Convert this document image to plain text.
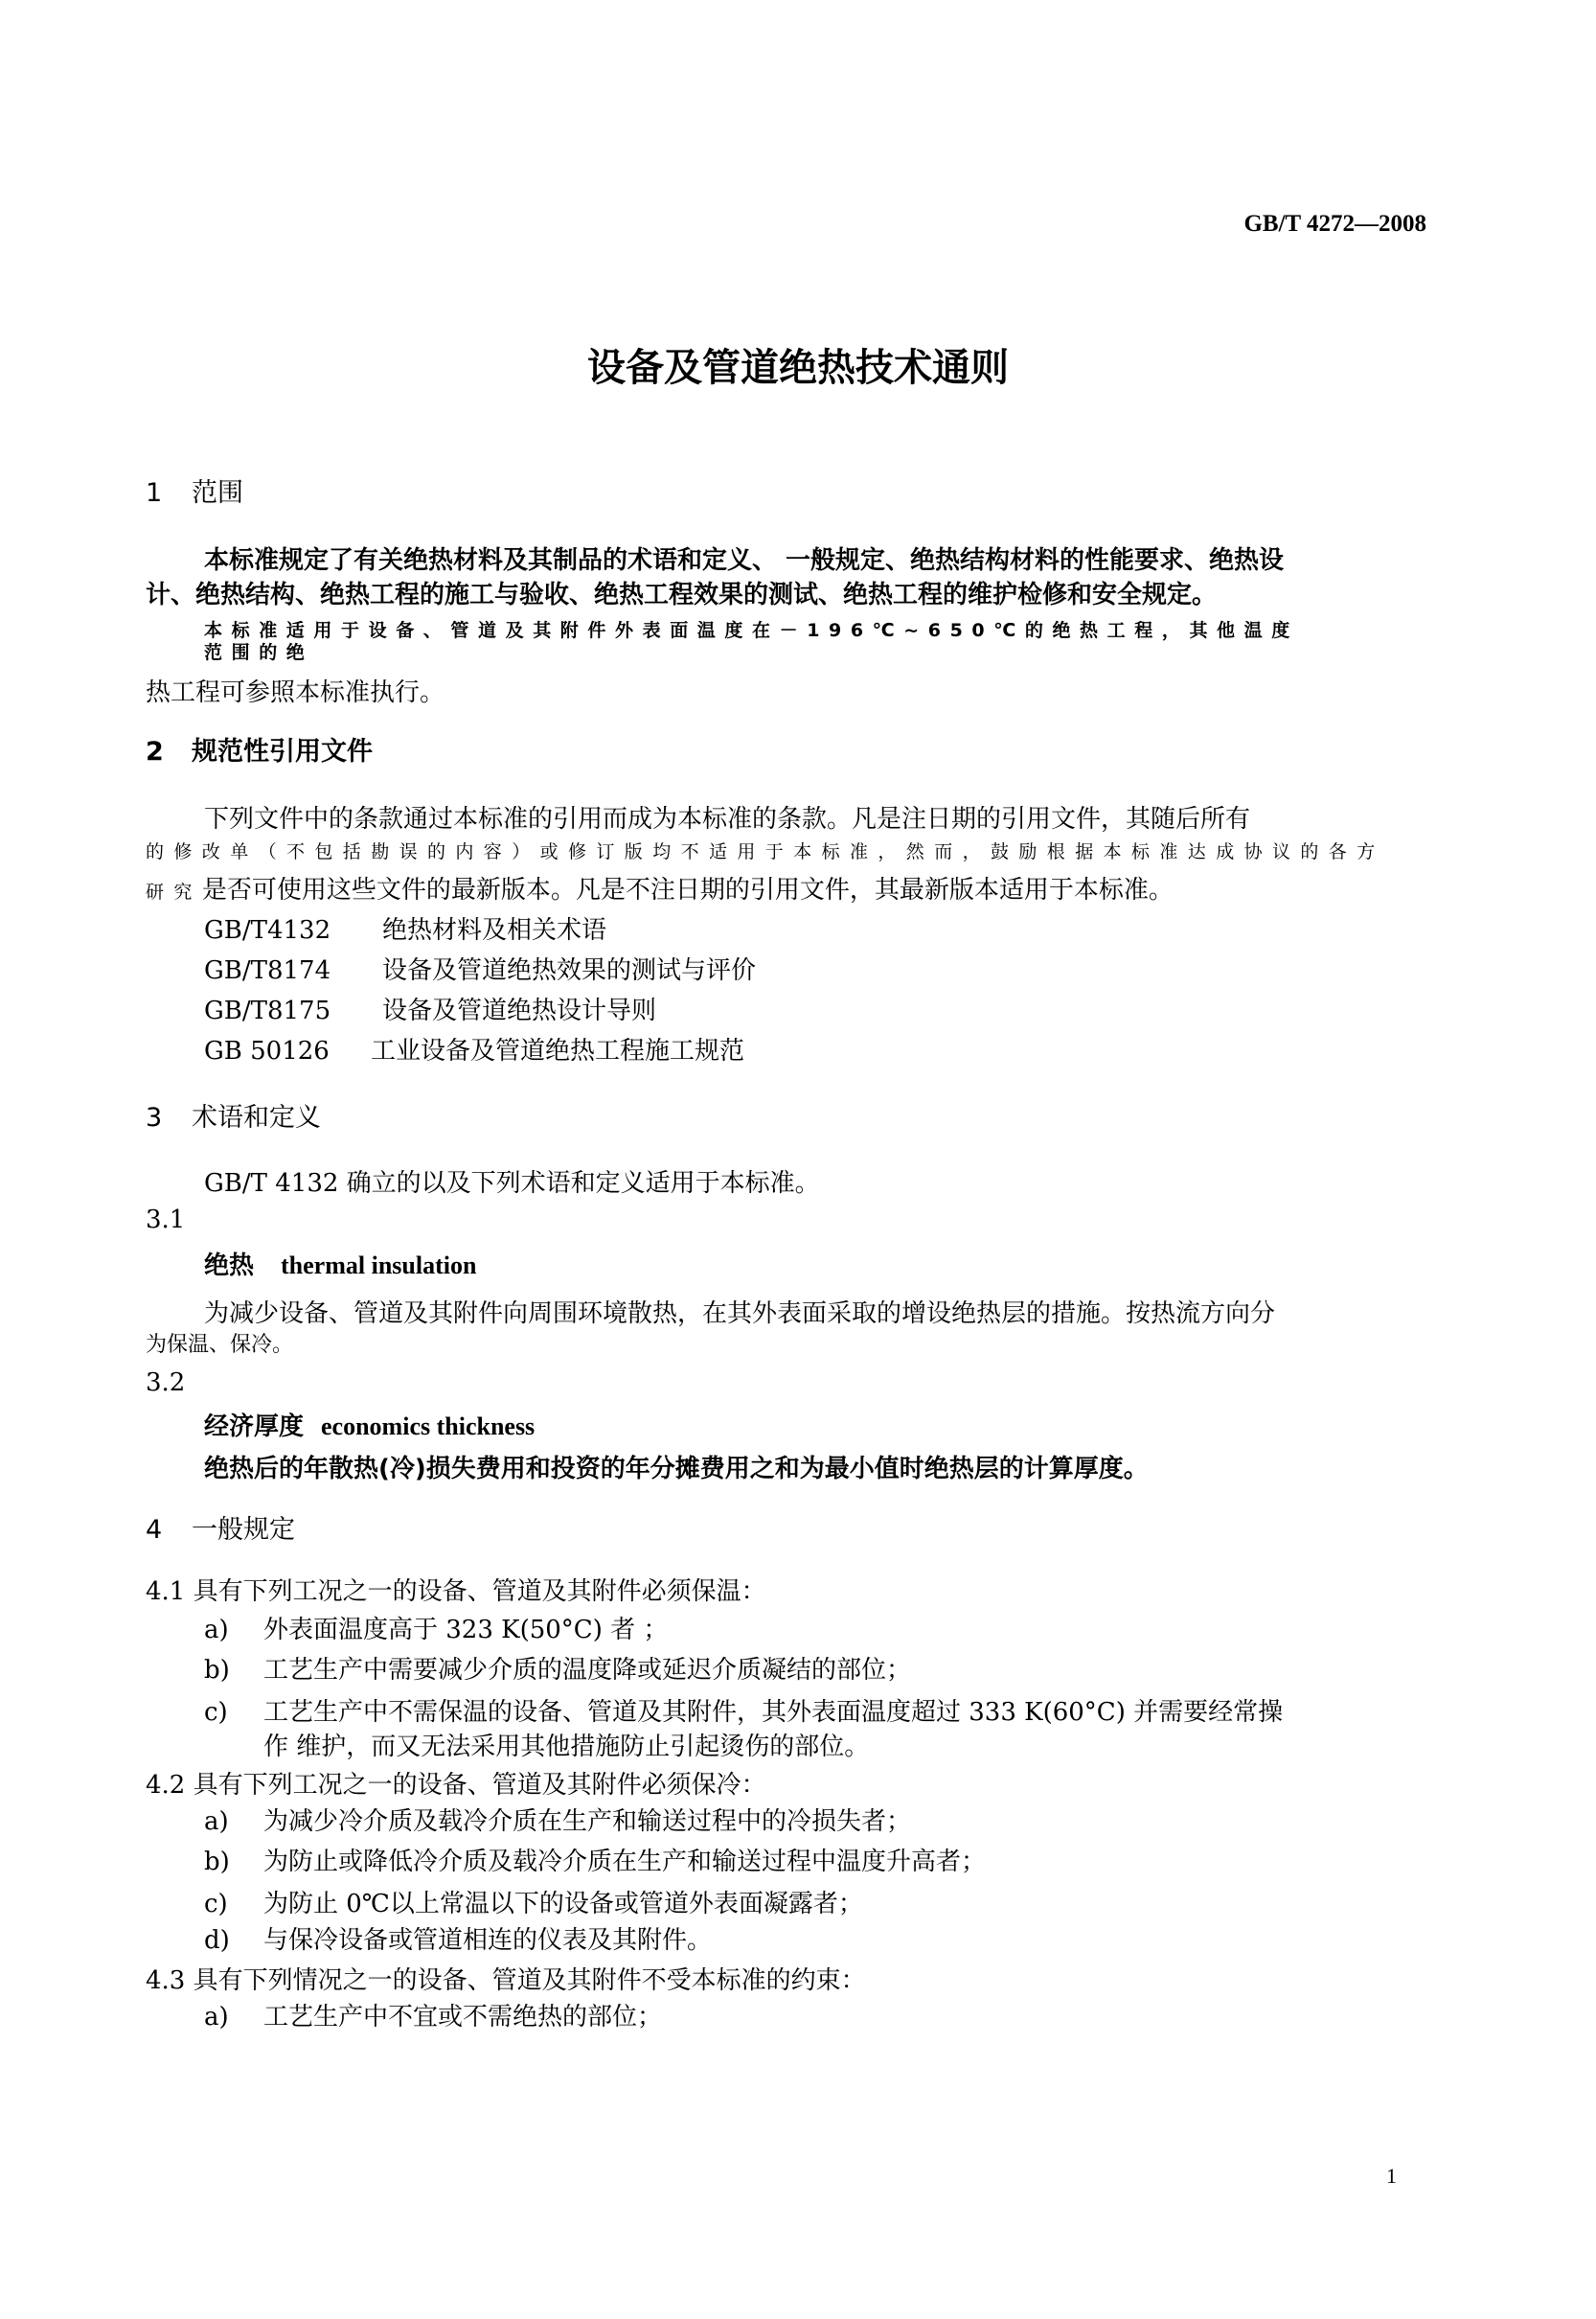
GB/T 4272—2008
设备及管道绝热技术通则
1 范围
本标准规定了有关绝热材料及其制品的术语和定义、 一般规定、绝热结构材料的性能要求、绝热设
计、绝热结构、绝热工程的施工与验收、绝热工程效果的测试、绝热工程的维护检修和安全规定。
本标准适用于设备、管道及其附件外表面温度在－196℃~650℃的绝热工程，其他温度
范围的绝
热工程可参照本标准执行。
2 规范性引用文件
下列文件中的条款通过本标准的引用而成为本标准的条款。凡是注日期的引用文件，其随后所有
的修改单（不包括勘误的内容）或修订版均不适用于本标准，然而，鼓励根据本标准达成协议的各方
研究是否可使用这些文件的最新版本。凡是不注日期的引用文件，其最新版本适用于本标准。
GB/T4132 绝热材料及相关术语
GB/T8174 设备及管道绝热效果的测试与评价
GB/T8175 设备及管道绝热设计导则
GB 50126 工业设备及管道绝热工程施工规范
3 术语和定义
GB/T 4132 确立的以及下列术语和定义适用于本标准。
3.1
绝热 thermal insulation
为减少设备、管道及其附件向周围环境散热，在其外表面采取的增设绝热层的措施。按热流方向分
为保温、保冷。
3.2
经济厚度 economics thickness
绝热后的年散热(冷)损失费用和投资的年分摊费用之和为最小值时绝热层的计算厚度。
4 一般规定
4.1 具有下列工况之一的设备、管道及其附件必须保温：
a) 外表面温度高于 323 K(50°C) 者 ；
b) 工艺生产中需要减少介质的温度降或延迟介质凝结的部位；
c) 工艺生产中不需保温的设备、管道及其附件，其外表面温度超过 333 K(60°C) 并需要经常操
作 维护，而又无法采用其他措施防止引起烫伤的部位。
4.2 具有下列工况之一的设备、管道及其附件必须保冷：
a) 为减少冷介质及载冷介质在生产和输送过程中的冷损失者；
b) 为防止或降低冷介质及载冷介质在生产和输送过程中温度升高者；
c) 为防止 0℃以上常温以下的设备或管道外表面凝露者；
d) 与保冷设备或管道相连的仪表及其附件。
4.3 具有下列情况之一的设备、管道及其附件不受本标准的约束：
a) 工艺生产中不宜或不需绝热的部位；
1
